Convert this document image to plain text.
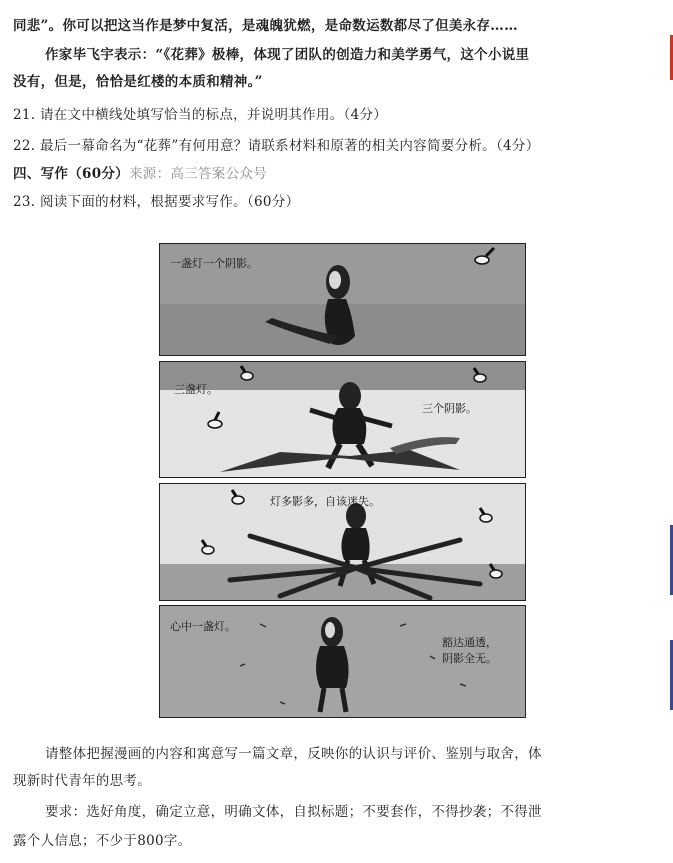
同悲”。你可以把这当作是梦中复活，是魂魄犹燃，是命数运数都尽了但美永存……
作家毕飞宇表示：“《花葬》极棒，体现了团队的创造力和美学勇气，这个小说里
没有，但是，恰恰是红楼的本质和精神。”
21. 请在文中横线处填写恰当的标点，并说明其作用。（4分）
22. 最后一幕命名为“花葬”有何用意？请联系材料和原著的相关内容简要分析。（4分）
四、写作（60分）来源：高三答案公众号
23. 阅读下面的材料，根据要求写作。（60分）
一盏灯一个阴影。
三盏灯。
三个阴影。
灯多影多，自该迷失。
心中一盏灯。
豁达通透，
阴影全无。
请整体把握漫画的内容和寓意写一篇文章，反映你的认识与评价、鉴别与取舍，体
现新时代青年的思考。
要求：选好角度，确定立意，明确文体，自拟标题；不要套作，不得抄袭；不得泄
露个人信息；不少于800字。
